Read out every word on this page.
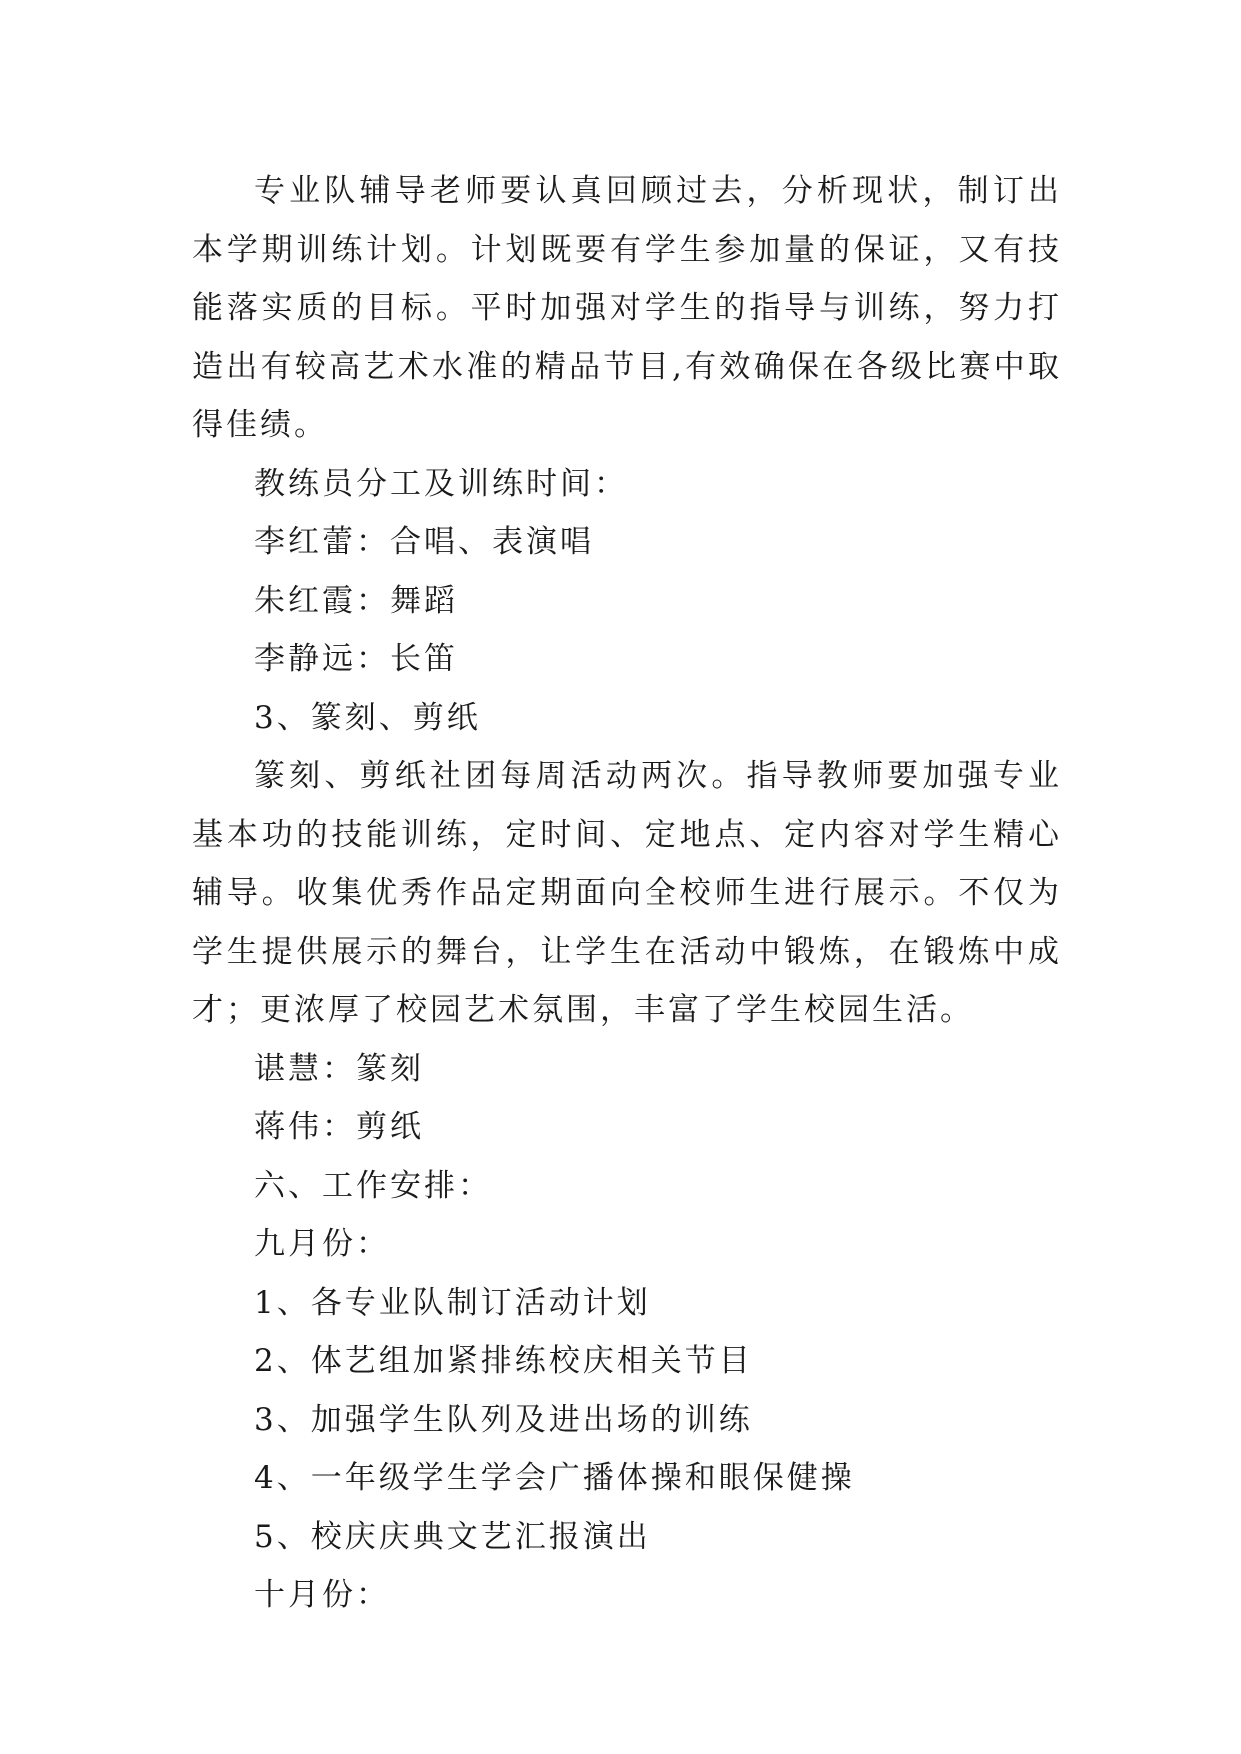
专业队辅导老师要认真回顾过去，分析现状，制订出本学期训练计划。计划既要有学生参加量的保证，又有技能落实质的目标。平时加强对学生的指导与训练，努力打造出有较高艺术水准的精品节目,有效确保在各级比赛中取得佳绩。

教练员分工及训练时间：

李红蕾：合唱、表演唱

朱红霞：舞蹈

李静远：长笛

3、篆刻、剪纸

篆刻、剪纸社团每周活动两次。指导教师要加强专业基本功的技能训练，定时间、定地点、定内容对学生精心辅导。收集优秀作品定期面向全校师生进行展示。不仅为学生提供展示的舞台，让学生在活动中锻炼，在锻炼中成才；更浓厚了校园艺术氛围，丰富了学生校园生活。

谌慧：篆刻

蒋伟：剪纸

六、工作安排：

九月份：

1、各专业队制订活动计划

2、体艺组加紧排练校庆相关节目

3、加强学生队列及进出场的训练

4、一年级学生学会广播体操和眼保健操

5、校庆庆典文艺汇报演出

十月份：
